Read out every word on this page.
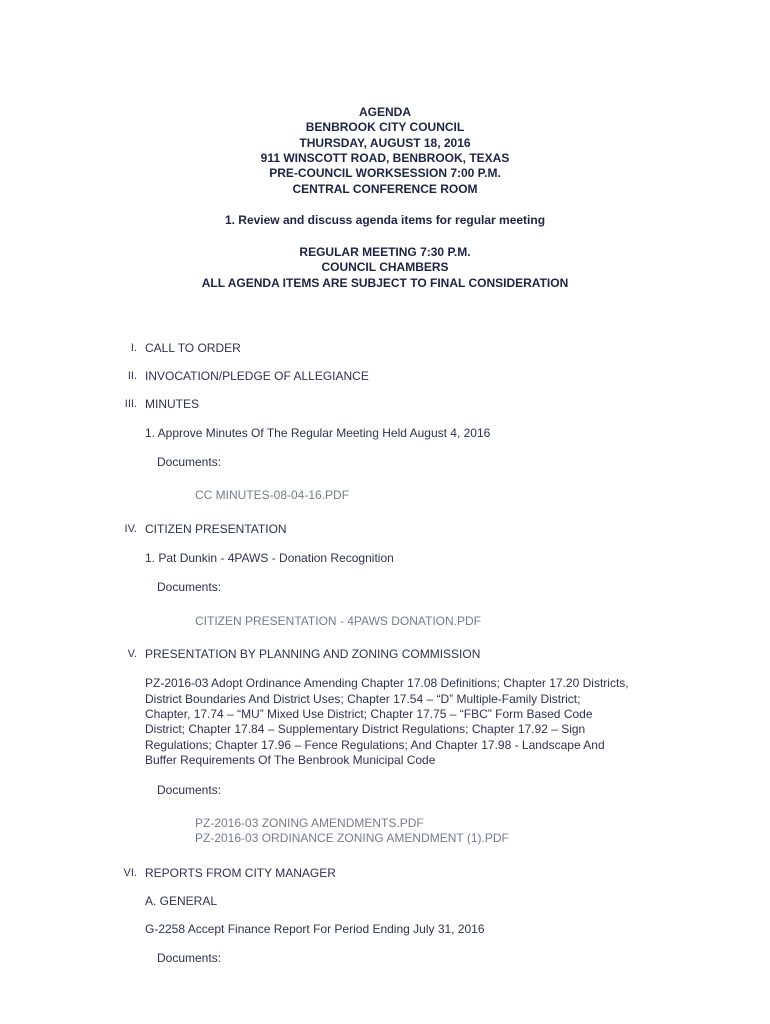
AGENDA
BENBROOK CITY COUNCIL
THURSDAY, AUGUST 18, 2016
911 WINSCOTT ROAD, BENBROOK, TEXAS
PRE-COUNCIL WORKSESSION 7:00 P.M.
CENTRAL CONFERENCE ROOM
1. Review and discuss agenda items for regular meeting
REGULAR MEETING 7:30 P.M.
COUNCIL CHAMBERS
ALL AGENDA ITEMS ARE SUBJECT TO FINAL CONSIDERATION
I. CALL TO ORDER
II. INVOCATION/PLEDGE OF ALLEGIANCE
III. MINUTES
1. Approve Minutes Of The Regular Meeting Held August 4, 2016
Documents:
CC MINUTES-08-04-16.PDF
IV. CITIZEN PRESENTATION
1. Pat Dunkin - 4PAWS - Donation Recognition
Documents:
CITIZEN PRESENTATION - 4PAWS DONATION.PDF
V. PRESENTATION BY PLANNING AND ZONING COMMISSION
PZ-2016-03 Adopt Ordinance Amending Chapter 17.08 Definitions; Chapter 17.20 Districts,
District Boundaries And District Uses; Chapter 17.54 – “D” Multiple-Family District;
Chapter, 17.74 – “MU” Mixed Use District; Chapter 17.75 – “FBC” Form Based Code
District; Chapter 17.84 – Supplementary District Regulations; Chapter 17.92 – Sign
Regulations; Chapter 17.96 – Fence Regulations; And Chapter 17.98 - Landscape And
Buffer Requirements Of The Benbrook Municipal Code
Documents:
PZ-2016-03 ZONING AMENDMENTS.PDF
PZ-2016-03 ORDINANCE ZONING AMENDMENT (1).PDF
VI. REPORTS FROM CITY MANAGER
A. GENERAL
G-2258 Accept Finance Report For Period Ending July 31, 2016
Documents:
